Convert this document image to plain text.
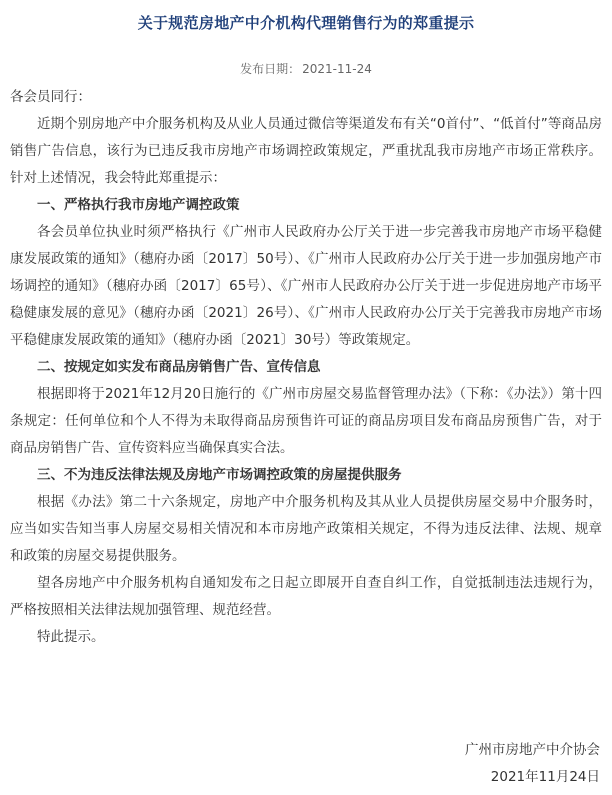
关于规范房地产中介机构代理销售行为的郑重提示
发布日期： 2021-11-24

各会员同行：

近期个别房地产中介服务机构及从业人员通过微信等渠道发布有关“0首付”、“低首付”等商品房销售广告信息，该行为已违反我市房地产市场调控政策规定，严重扰乱我市房地产市场正常秩序。针对上述情况，我会特此郑重提示：

一、严格执行我市房地产调控政策

各会员单位执业时须严格执行《广州市人民政府办公厅关于进一步完善我市房地产市场平稳健康发展政策的通知》（穗府办函〔2017〕50号）、《广州市人民政府办公厅关于进一步加强房地产市场调控的通知》（穗府办函〔2017〕65号）、《广州市人民政府办公厅关于进一步促进房地产市场平稳健康发展的意见》（穗府办函〔2021〕26号）、《广州市人民政府办公厅关于完善我市房地产市场平稳健康发展政策的通知》（穗府办函〔2021〕30号）等政策规定。

二、按规定如实发布商品房销售广告、宣传信息

根据即将于2021年12月20日施行的《广州市房屋交易监督管理办法》（下称：《办法》）第十四条规定：任何单位和个人不得为未取得商品房预售许可证的商品房项目发布商品房预售广告，对于商品房销售广告、宣传资料应当确保真实合法。

三、不为违反法律法规及房地产市场调控政策的房屋提供服务

根据《办法》第二十六条规定，房地产中介服务机构及其从业人员提供房屋交易中介服务时，应当如实告知当事人房屋交易相关情况和本市房地产政策相关规定，不得为违反法律、法规、规章和政策的房屋交易提供服务。

望各房地产中介服务机构自通知发布之日起立即展开自查自纠工作，自觉抵制违法违规行为，严格按照相关法律法规加强管理、规范经营。

特此提示。

广州市房地产中介协会
2021年11月24日
